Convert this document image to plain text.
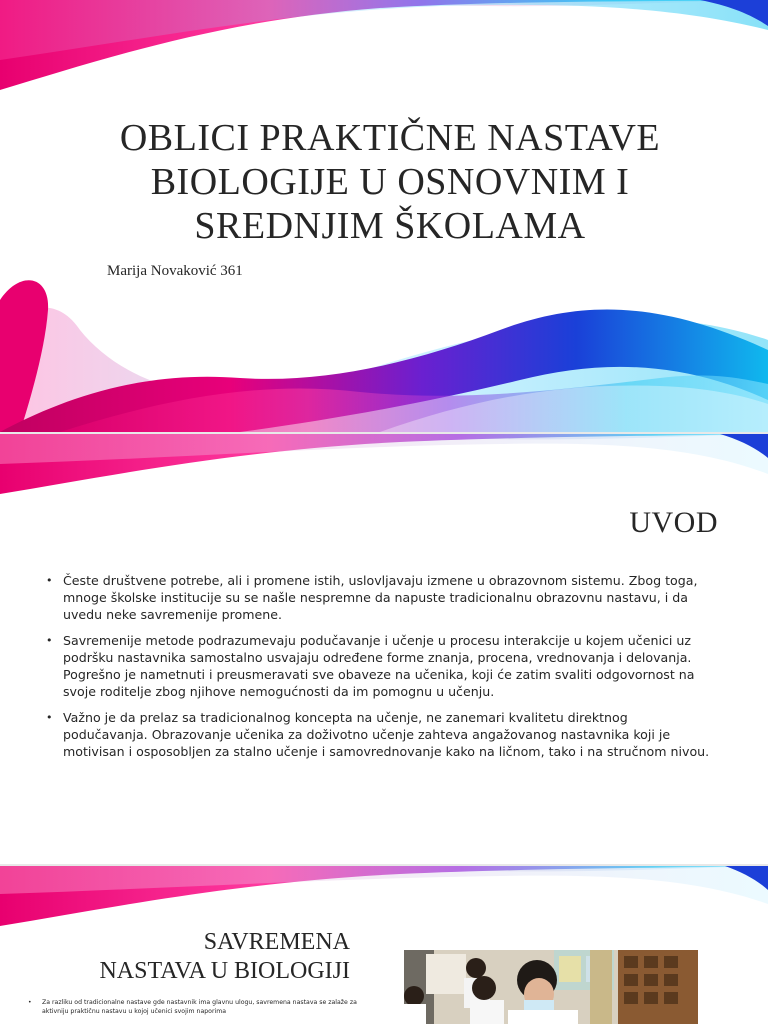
OBLICI PRAKTIČNE NASTAVE
BIOLOGIJE U OSNOVNIM I
SREDNJIM ŠKOLAMA
Marija Novaković 361
UVOD
• Česte društvene potrebe, ali i promene istih, uslovljavaju izmene u obrazovnom sistemu. Zbog toga, mnoge školske institucije su se našle nespremne da napuste tradicionalnu obrazovnu nastavu, i da uvedu neke savremenije promene.
• Savremenije metode podrazumevaju podučavanje i učenje u procesu interakcije u kojem učenici uz podršku nastavnika samostalno usvajaju određene forme znanja, procena, vrednovanja i delovanja. Pogrešno je nametnuti i preusmeravati sve obaveze na učenika, koji će zatim svaliti odgovornost na svoje roditelje zbog njihove nemogućnosti da im pomognu u učenju.
• Važno je da prelaz sa tradicionalnog koncepta na učenje, ne zanemari kvalitetu direktnog podučavanja. Obrazovanje učenika za doživotno učenje zahteva angažovanog nastavnika koji je motivisan i osposobljen za stalno učenje i samovrednovanje kako na ličnom, tako i na stručnom nivou.
SAVREMENA
NASTAVA U BIOLOGIJI
•	Za razliku od tradicionalne nastave gde nastavnik ima glavnu ulogu, savremena nastava se zalaže za aktivniju praktičnu nastavu u kojoj učenici svojim naporima
